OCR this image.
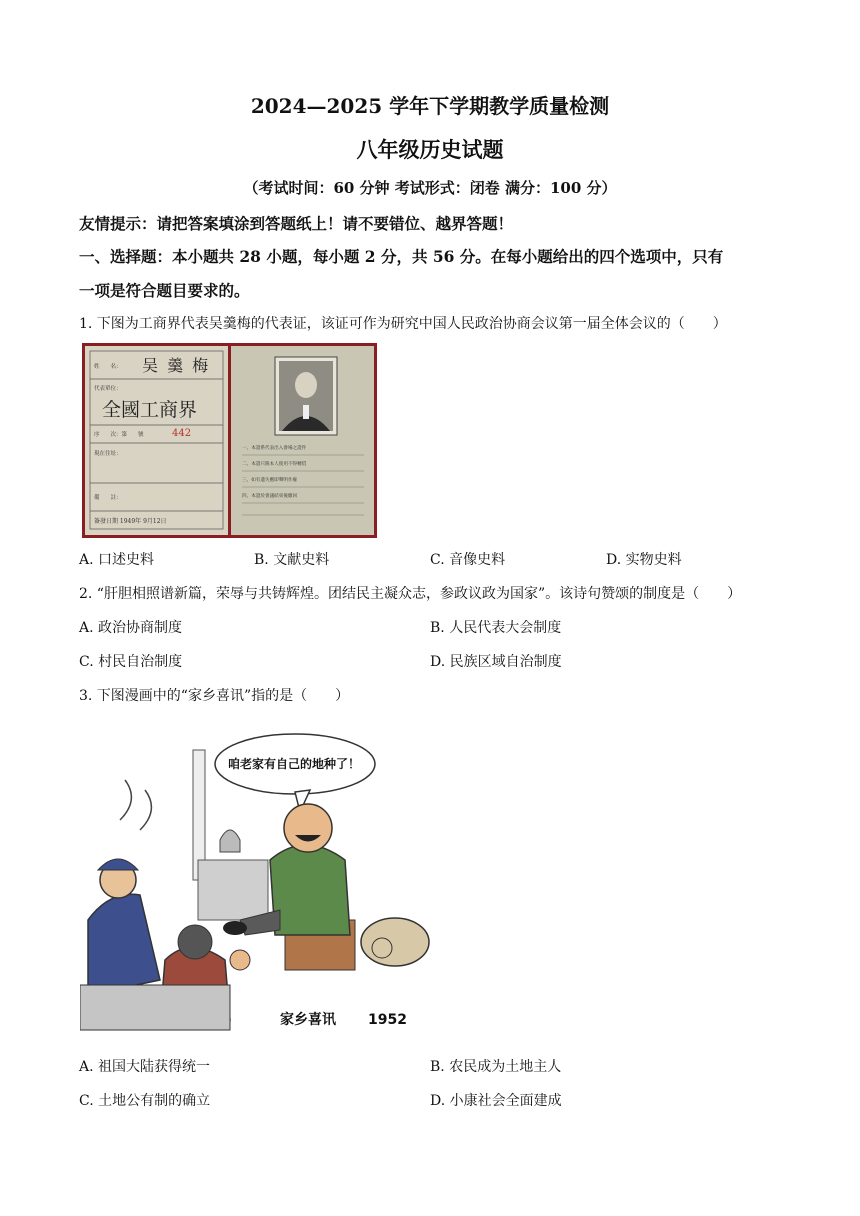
2024—2025 学年下学期教学质量检测
八年级历史试题
（考试时间：60 分钟 考试形式：闭卷 满分：100 分）
友情提示：请把答案填涂到答题纸上！请不要错位、越界答题！
一、选择题：本小题共 28 小题，每小题 2 分，共 56 分。在每小题给出的四个选项中，只有
一项是符合题目要求的。
1. 下图为工商界代表吴羹梅的代表证，该证可作为研究中国人民政治协商会议第一届全体会议的（　　）
姓　　名： 吴 羹 梅
代表單位：
全國工商界
序　　次：第　　號	442
現在住址：
備　　註：
簽發日期 1949年 9月12日
一、本證系代表出入會場之證件
二、本證只限本人使用不得轉借
三、如有遺失應即聲明作廢
四、本證於會議結束後繳回
A. 口述史料	B. 文献史料	C. 音像史料	D. 实物史料
2. “肝胆相照谱新篇，荣辱与共铸辉煌。团结民主凝众志，参政议政为国家”。该诗句赞颂的制度是（　　）
A. 政治协商制度	B. 人民代表大会制度
C. 村民自治制度	D. 民族区域自治制度
3. 下图漫画中的“家乡喜讯”指的是（　　）
咱老家有自己的地种了！
家乡喜讯 1952
A. 祖国大陆获得统一	B. 农民成为土地主人
C. 土地公有制的确立	D. 小康社会全面建成
